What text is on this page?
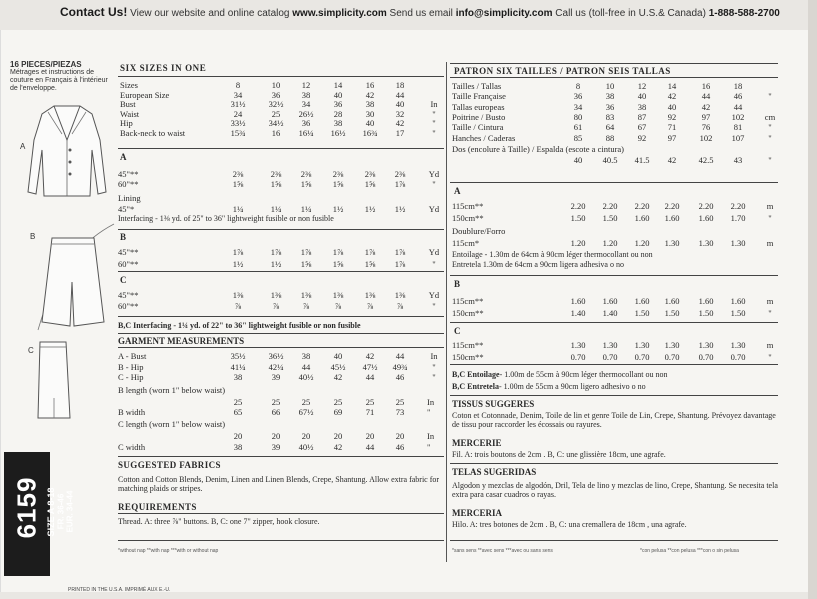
Contact Us! View our website and online catalog www.simplicity.com Send us email info@simplicity.com Call us (toll-free in U.S.& Canada) 1-888-588-2700
16 PIECES/PIEZAS
Métrages et instructions de couture en Français à l'intérieur de l'enveloppe.
A
B
C
6159 SIZE A 8-18 FR. 36-46 EUR. 34-44
PRINTED IN THE U.S.A. IMPRIMÉ AUX E.-U.
SIX SIZES IN ONE
Sizes	8	10	12	14	16	18
European Size	34	36	38	40	42	44
Bust	31½	32½	34	36	38	40	In
Waist	24	25	26½	28	30	32	"
Hip	33½	34½	36	38	40	42	"
Back-neck to waist	15¾	16	16¼	16½	16¾	17	"
A
45"**	2⅜	2⅜	2⅜	2⅜	2⅜	2⅜	Yd
60"**	1⅝	1⅝	1⅝	1⅝	1⅝	1⅞	"
Lining
45"*	1¼	1¼	1¼	1½	1½	1½	Yd
Interfacing - 1⅜ yd. of 25" to 36" lightweight fusible or non fusible
B
45"**	1⅞	1⅞	1⅞	1⅞	1⅞	1⅞	Yd
60"**	1½	1½	1⅝	1⅝	1⅝	1⅞	"
C
45"**	1⅜	1⅜	1⅜	1⅜	1⅜	1⅜	Yd
60"**	⅞	⅞	⅞	⅞	⅞	⅞	"
B,C Interfacing - 1¼ yd. of 22" to 36" lightweight fusible or non fusible
GARMENT MEASUREMENTS
A - Bust	35½	36½	38	40	42	44	In
B - Hip	41¼	42¼	44	45½	47½	49¾	"
C - Hip	38	39	40½	42	44	46	"
B length (worn 1" below waist)
25	25	25	25	25	25	In
B width	65	66	67½	69	71	73	"
C length (worn 1" below waist)
20	20	20	20	20	20	In
C width	38	39	40½	42	44	46	"
SUGGESTED FABRICS
Cotton and Cotton Blends, Denim, Linen and Linen Blends, Crepe, Shantung. Allow extra fabric for matching plaids or stripes.
REQUIREMENTS
Thread. A: three ⅞" buttons. B, C: one 7" zipper, hook closure.
*without nap **with nap ***with or without nap
PATRON SIX TAILLES / PATRON SEIS TALLAS
Tailles / Tallas	8	10	12	14	16	18
Taille Française	36	38	40	42	44	46	"
Tallas europeas	34	36	38	40	42	44
Poitrine / Busto	80	83	87	92	97	102	cm
Taille / Cintura	61	64	67	71	76	81	"
Hanches / Caderas	85	88	92	97	102	107	"
Dos (encolure à Taille) / Espalda (escote a cintura)
40	40.5	41.5	42	42.5	43	"
A
115cm**	2.20	2.20	2.20	2.20	2.20	2.20	m
150cm**	1.50	1.50	1.60	1.60	1.60	1.70	"
Doublure/Forro
115cm*	1.20	1.20	1.20	1.30	1.30	1.30	m
Entoilage - 1.30m de 64cm à 90cm léger thermocollant ou non
Entretela 1.30m de 64cm a 90cm ligera adhesiva o no
B
115cm**	1.60	1.60	1.60	1.60	1.60	1.60	m
150cm**	1.40	1.40	1.50	1.50	1.50	1.50	"
C
115cm**	1.30	1.30	1.30	1.30	1.30	1.30	m
150cm**	0.70	0.70	0.70	0.70	0.70	0.70	"
B,C Entoilage- 1.00m de 55cm à 90cm léger thermocollant ou non
B,C Entretela- 1.00m de 55cm a 90cm ligero adhesivo o no
TISSUS SUGGERES
Coton et Cotonnade, Denim, Toile de lin et genre Toile de Lin, Crepe, Shantung. Prévoyez davantage de tissu pour raccorder les écossais ou rayures.
MERCERIE
Fil. A: trois boutons de 2cm . B, C: une glissière 18cm, une agrafe.
TELAS SUGERIDAS
Algodon y mezclas de algodón, Dril, Tela de lino y mezclas de lino, Crepe, Shantung. Se necesita tela extra para casar cuadros o rayas.
MERCERIA
Hilo. A: tres botones de 2cm . B, C: una cremallera de 18cm , una agrafe.
*sans sens **avec sens ***avec ou sans sens	*con pelusa **con pelusa ***con o sin pelusa
